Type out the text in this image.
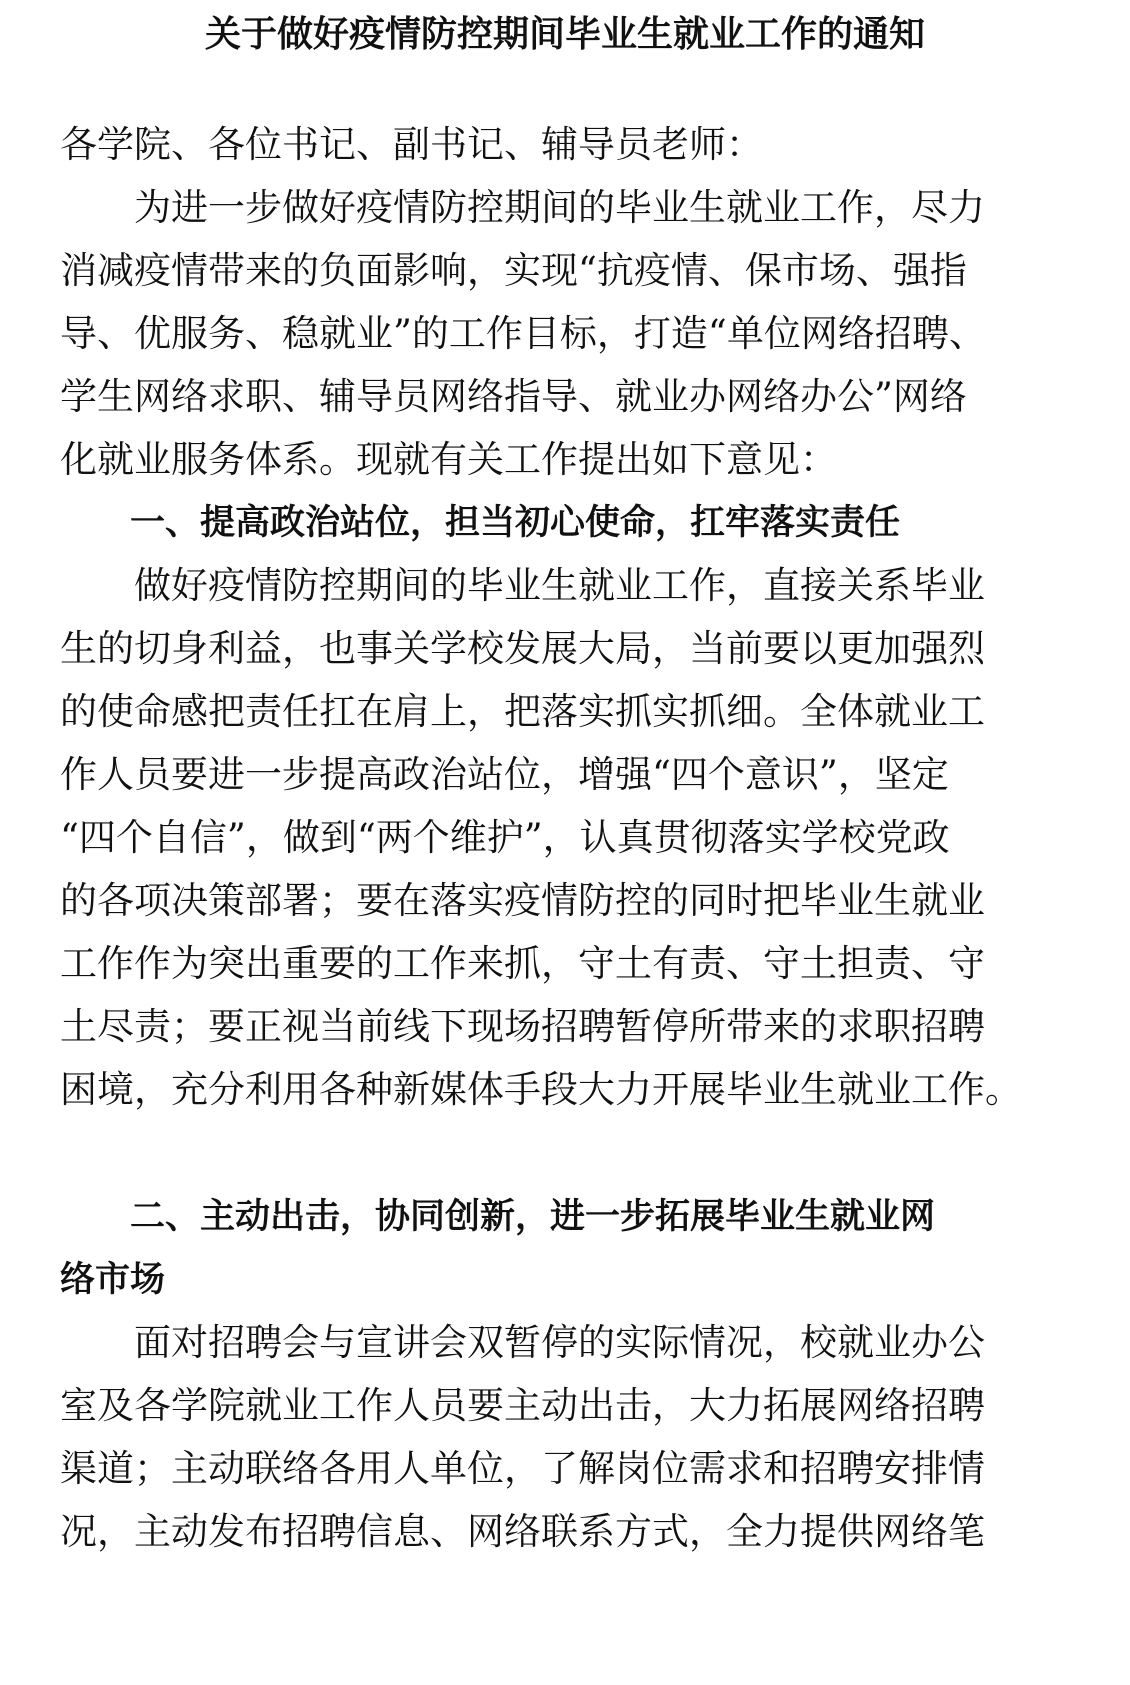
关于做好疫情防控期间毕业生就业工作的通知
各学院、各位书记、副书记、辅导员老师：
　　为进一步做好疫情防控期间的毕业生就业工作，尽力
消减疫情带来的负面影响，实现“抗疫情、保市场、强指
导、优服务、稳就业”的工作目标，打造“单位网络招聘、
学生网络求职、辅导员网络指导、就业办网络办公”网络
化就业服务体系。现就有关工作提出如下意见：
　　一、提高政治站位，担当初心使命，扛牢落实责任
　　做好疫情防控期间的毕业生就业工作，直接关系毕业
生的切身利益，也事关学校发展大局，当前要以更加强烈
的使命感把责任扛在肩上，把落实抓实抓细。全体就业工
作人员要进一步提高政治站位，增强“四个意识”，坚定
“四个自信”，做到“两个维护”，认真贯彻落实学校党政
的各项决策部署；要在落实疫情防控的同时把毕业生就业
工作作为突出重要的工作来抓，守土有责、守土担责、守
土尽责；要正视当前线下现场招聘暂停所带来的求职招聘
困境，充分利用各种新媒体手段大力开展毕业生就业工作。
　　二、主动出击，协同创新，进一步拓展毕业生就业网
络市场
　　面对招聘会与宣讲会双暂停的实际情况，校就业办公
室及各学院就业工作人员要主动出击，大力拓展网络招聘
渠道；主动联络各用人单位，了解岗位需求和招聘安排情
况，主动发布招聘信息、网络联系方式，全力提供网络笔
